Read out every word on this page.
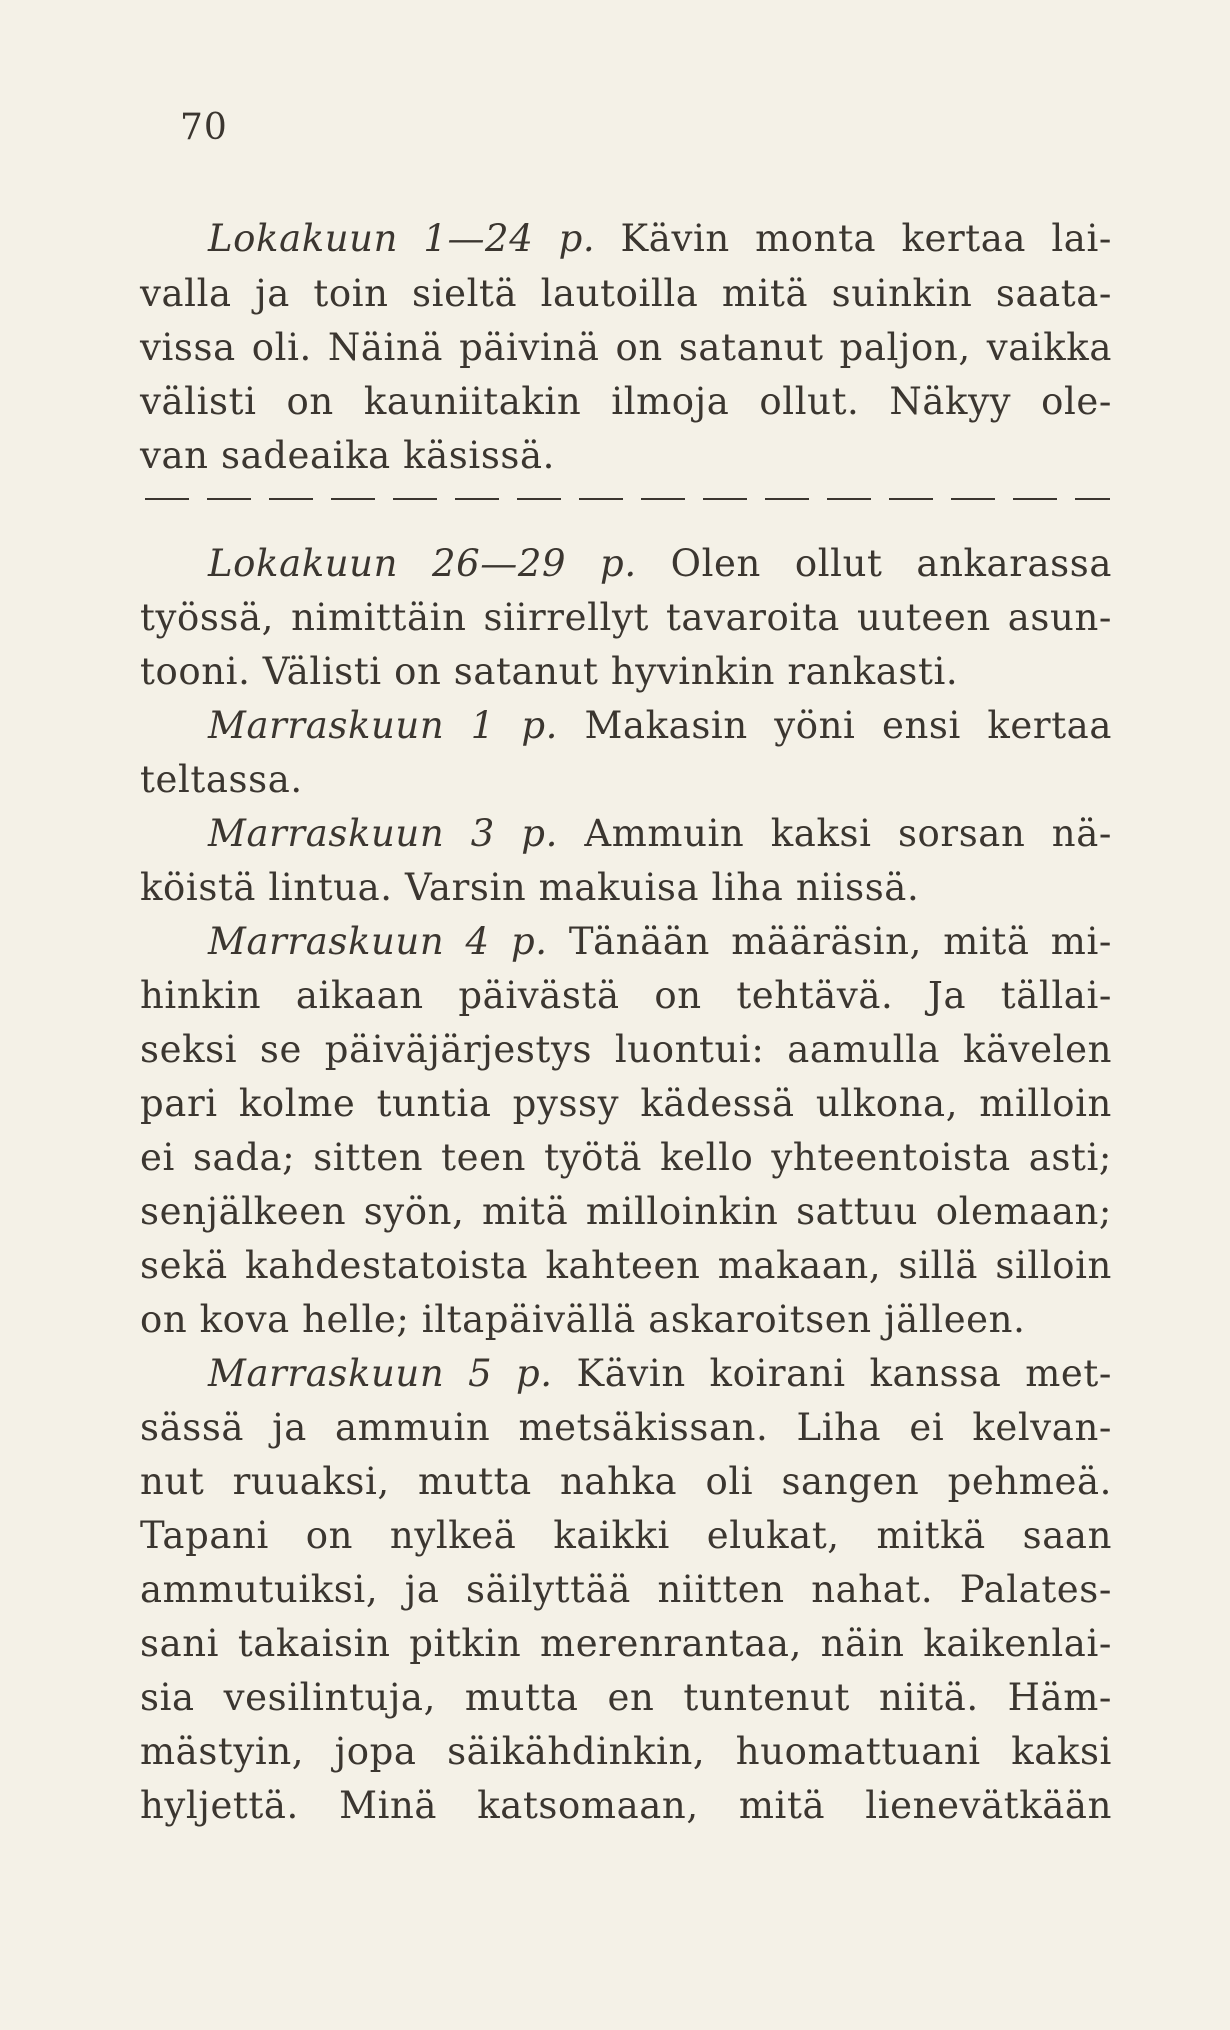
70
Lokakuun 1—24 p. Kävin monta kertaa lai-
valla ja toin sieltä lautoilla mitä suinkin saata-
vissa oli. Näinä päivinä on satanut paljon, vaikka
välisti on kauniitakin ilmoja ollut. Näkyy ole-
van sadeaika käsissä.
Lokakuun 26—29 p. Olen ollut ankarassa
työssä, nimittäin siirrellyt tavaroita uuteen asun-
tooni. Välisti on satanut hyvinkin rankasti.
Marraskuun 1 p. Makasin yöni ensi kertaa
teltassa.
Marraskuun 3 p. Ammuin kaksi sorsan nä-
köistä lintua. Varsin makuisa liha niissä.
Marraskuun 4 p. Tänään määräsin, mitä mi-
hinkin aikaan päivästä on tehtävä. Ja tällai-
seksi se päiväjärjestys luontui: aamulla kävelen
pari kolme tuntia pyssy kädessä ulkona, milloin
ei sada; sitten teen työtä kello yhteentoista asti;
senjälkeen syön, mitä milloinkin sattuu olemaan;
sekä kahdestatoista kahteen makaan, sillä silloin
on kova helle; iltapäivällä askaroitsen jälleen.
Marraskuun 5 p. Kävin koirani kanssa met-
sässä ja ammuin metsäkissan. Liha ei kelvan-
nut ruuaksi, mutta nahka oli sangen pehmeä.
Tapani on nylkeä kaikki elukat, mitkä saan
ammutuiksi, ja säilyttää niitten nahat. Palates-
sani takaisin pitkin merenrantaa, näin kaikenlai-
sia vesilintuja, mutta en tuntenut niitä. Häm-
mästyin, jopa säikähdinkin, huomattuani kaksi
hyljettä. Minä katsomaan, mitä lienevätkään
